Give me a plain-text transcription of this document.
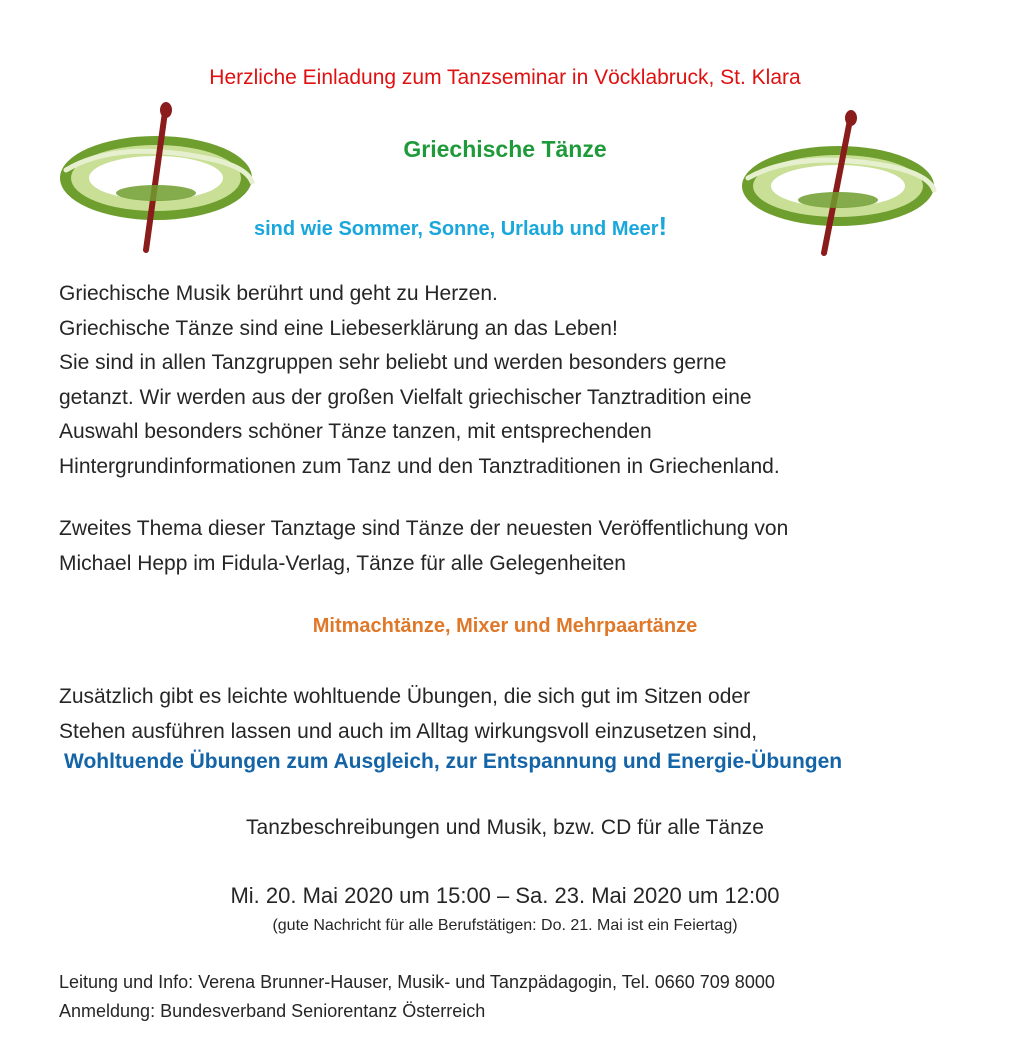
Herzliche Einladung zum Tanzseminar in Vöcklabruck, St. Klara
Griechische Tänze
sind wie Sommer, Sonne, Urlaub und Meer!
Griechische Musik berührt und geht zu Herzen.
Griechische Tänze sind eine Liebeserklärung an das Leben!
Sie sind in allen Tanzgruppen sehr beliebt und werden besonders gerne
getanzt. Wir werden aus der großen Vielfalt griechischer Tanztradition eine
Auswahl besonders schöner Tänze tanzen, mit entsprechenden
Hintergrundinformationen zum Tanz und den Tanztraditionen in Griechenland.
Zweites Thema dieser Tanztage sind Tänze der neuesten Veröffentlichung von
Michael Hepp im Fidula-Verlag, Tänze für alle Gelegenheiten
Mitmachtänze, Mixer und Mehrpaartänze
Zusätzlich gibt es leichte wohltuende Übungen, die sich gut im Sitzen oder
Stehen ausführen lassen und auch im Alltag wirkungsvoll einzusetzen sind,
Wohltuende Übungen zum Ausgleich, zur Entspannung und Energie-Übungen
Tanzbeschreibungen und Musik, bzw. CD für alle Tänze
Mi. 20. Mai 2020 um 15:00 – Sa. 23. Mai 2020 um 12:00
(gute Nachricht für alle Berufstätigen: Do. 21. Mai ist ein Feiertag)
Leitung und Info: Verena Brunner-Hauser, Musik- und Tanzpädagogin, Tel. 0660 709 8000
Anmeldung: Bundesverband Seniorentanz Österreich
